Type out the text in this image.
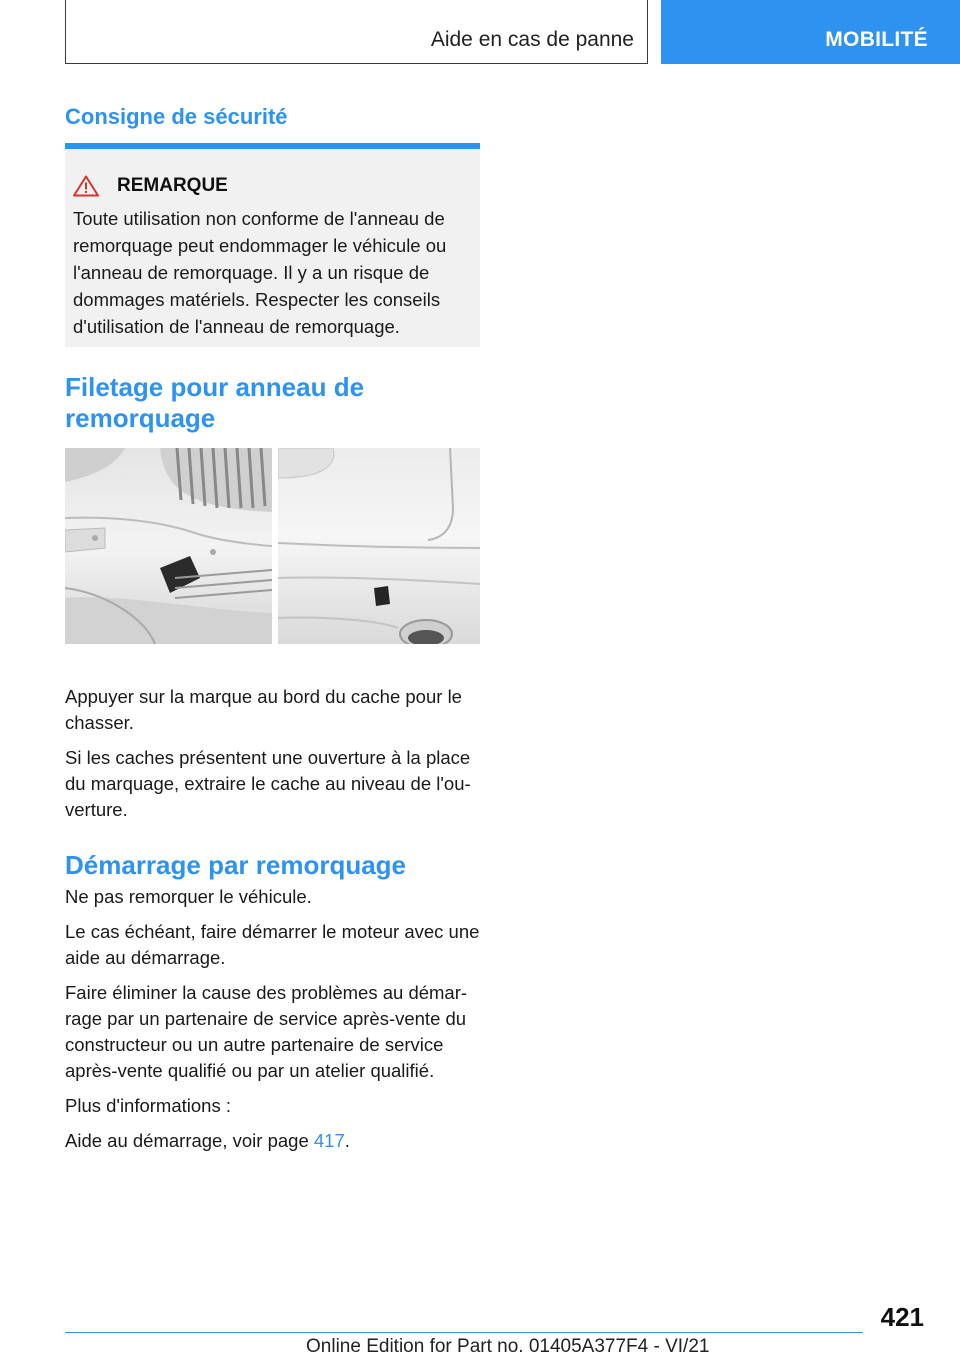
Aide en cas de panne	MOBILITÉ
Consigne de sécurité
REMARQUE
Toute utilisation non conforme de l'anneau de remorquage peut endommager le véhicule ou l'anneau de remorquage. Il y a un risque de dommages matériels. Respecter les conseils d'utilisation de l'anneau de remorquage.
Filetage pour anneau de remorquage

Appuyer sur la marque au bord du cache pour le chasser.

Si les caches présentent une ouverture à la place du marquage, extraire le cache au niveau de l'ou-verture.

Démarrage par remorquage

Ne pas remorquer le véhicule.

Le cas échéant, faire démarrer le moteur avec une aide au démarrage.

Faire éliminer la cause des problèmes au démar-rage par un partenaire de service après-vente du constructeur ou un autre partenaire de service après-vente qualifié ou par un atelier qualifié.

Plus d'informations :

Aide au démarrage, voir page 417.

421
Online Edition for Part no. 01405A377F4 - VI/21
